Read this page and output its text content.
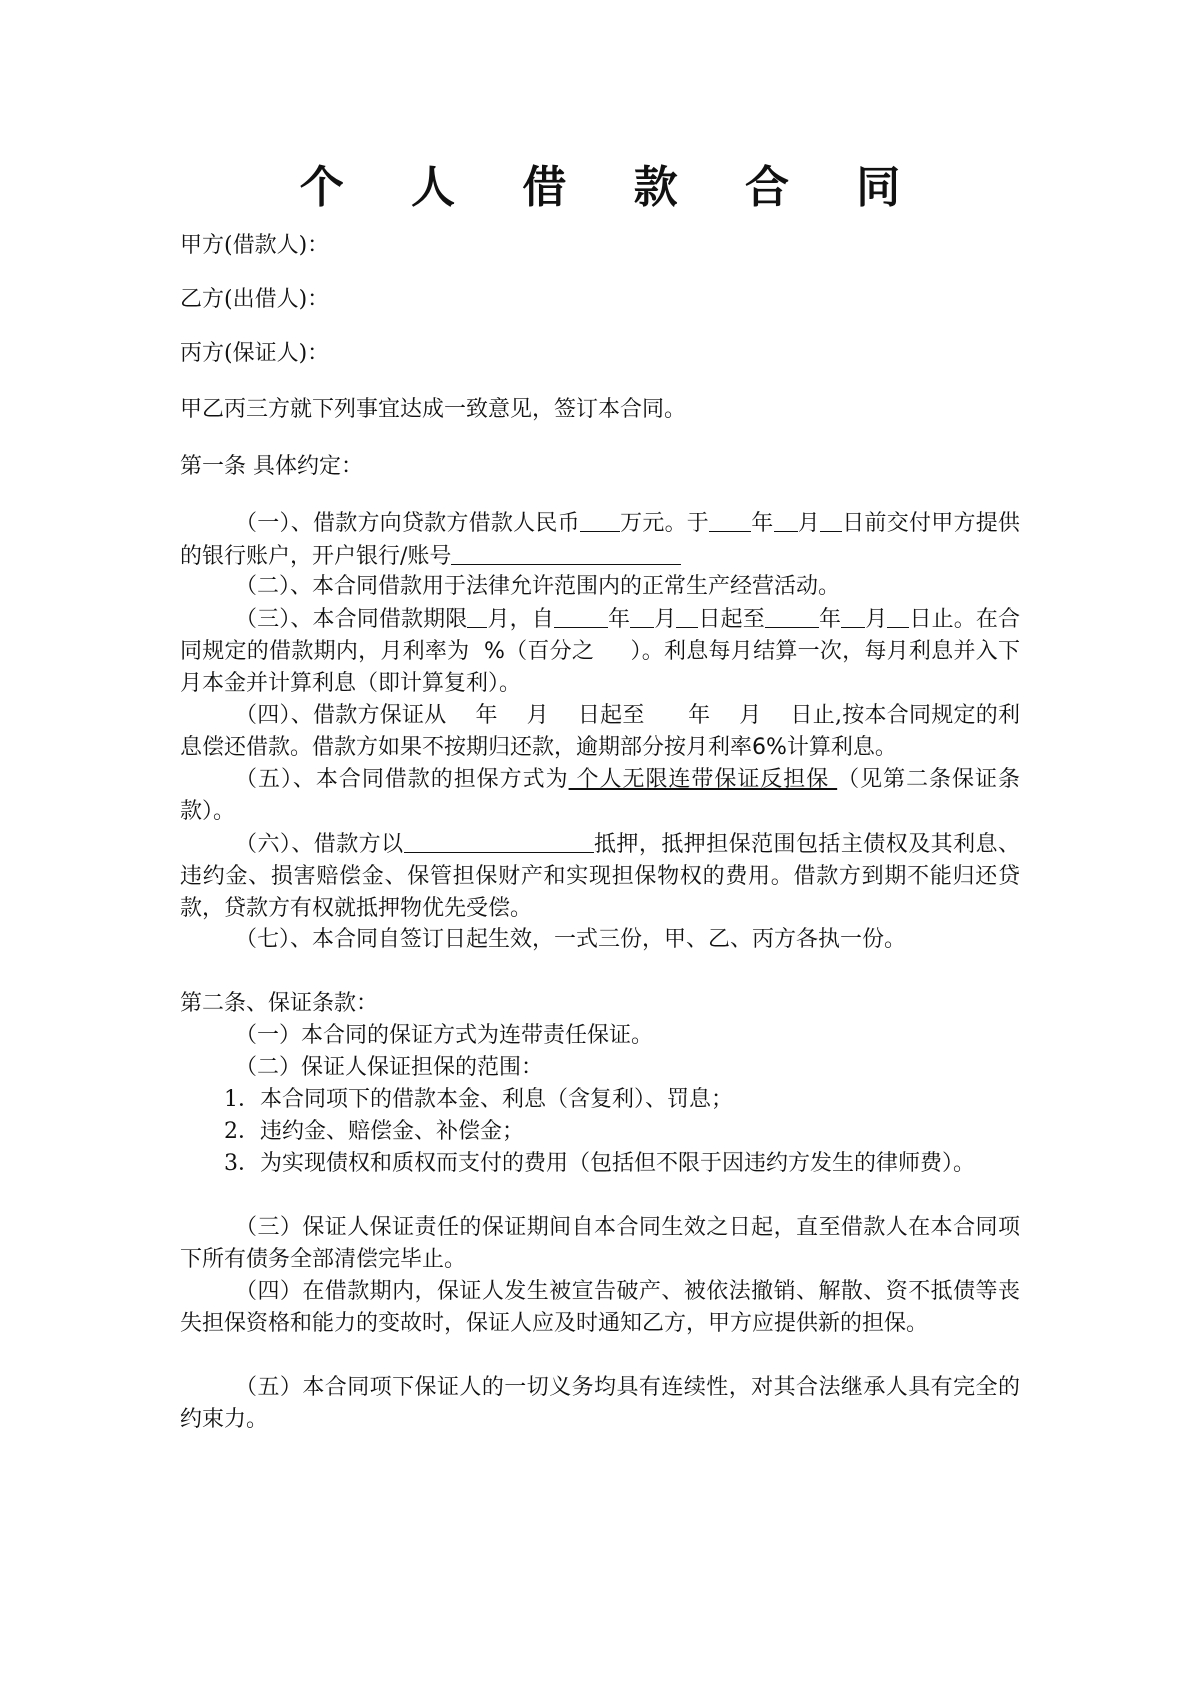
个 人 借 款 合 同
甲方(借款人)：
乙方(出借人)：
丙方(保证人)：
甲乙丙三方就下列事宜达成一致意见，签订本合同。
第一条 具体约定：
（一）、借款方向贷款方借款人民币 万元。于 年 月 日前交付甲方提供的银行账户，开户银行/账号
（二）、本合同借款用于法律允许范围内的正常生产经营活动。
（三）、本合同借款期限 月，自 年 月 日起至 年 月 日止。在合同规定的借款期内，月利率为 %（百分之 ）。利息每月结算一次，每月利息并入下月本金并计算利息（即计算复利）。
（四）、借款方保证从 年 月 日起至 年 月 日止,按本合同规定的利息偿还借款。借款方如果不按期归还款，逾期部分按月利率6%计算利息。
（五）、本合同借款的担保方式为 个人无限连带保证反担保 （见第二条保证条款）。
（六）、借款方以	抵押，抵押担保范围包括主债权及其利息、违约金、损害赔偿金、保管担保财产和实现担保物权的费用。借款方到期不能归还贷款，贷款方有权就抵押物优先受偿。
（七）、本合同自签订日起生效，一式三份，甲、乙、丙方各执一份。
第二条、保证条款：
（一）本合同的保证方式为连带责任保证。
（二）保证人保证担保的范围：
1．本合同项下的借款本金、利息（含复利）、罚息；
2．违约金、赔偿金、补偿金；
3．为实现债权和质权而支付的费用（包括但不限于因违约方发生的律师费）。
（三）保证人保证责任的保证期间自本合同生效之日起，直至借款人在本合同项下所有债务全部清偿完毕止。
（四）在借款期内，保证人发生被宣告破产、被依法撤销、解散、资不抵债等丧失担保资格和能力的变故时，保证人应及时通知乙方，甲方应提供新的担保。
（五）本合同项下保证人的一切义务均具有连续性，对其合法继承人具有完全的约束力。
